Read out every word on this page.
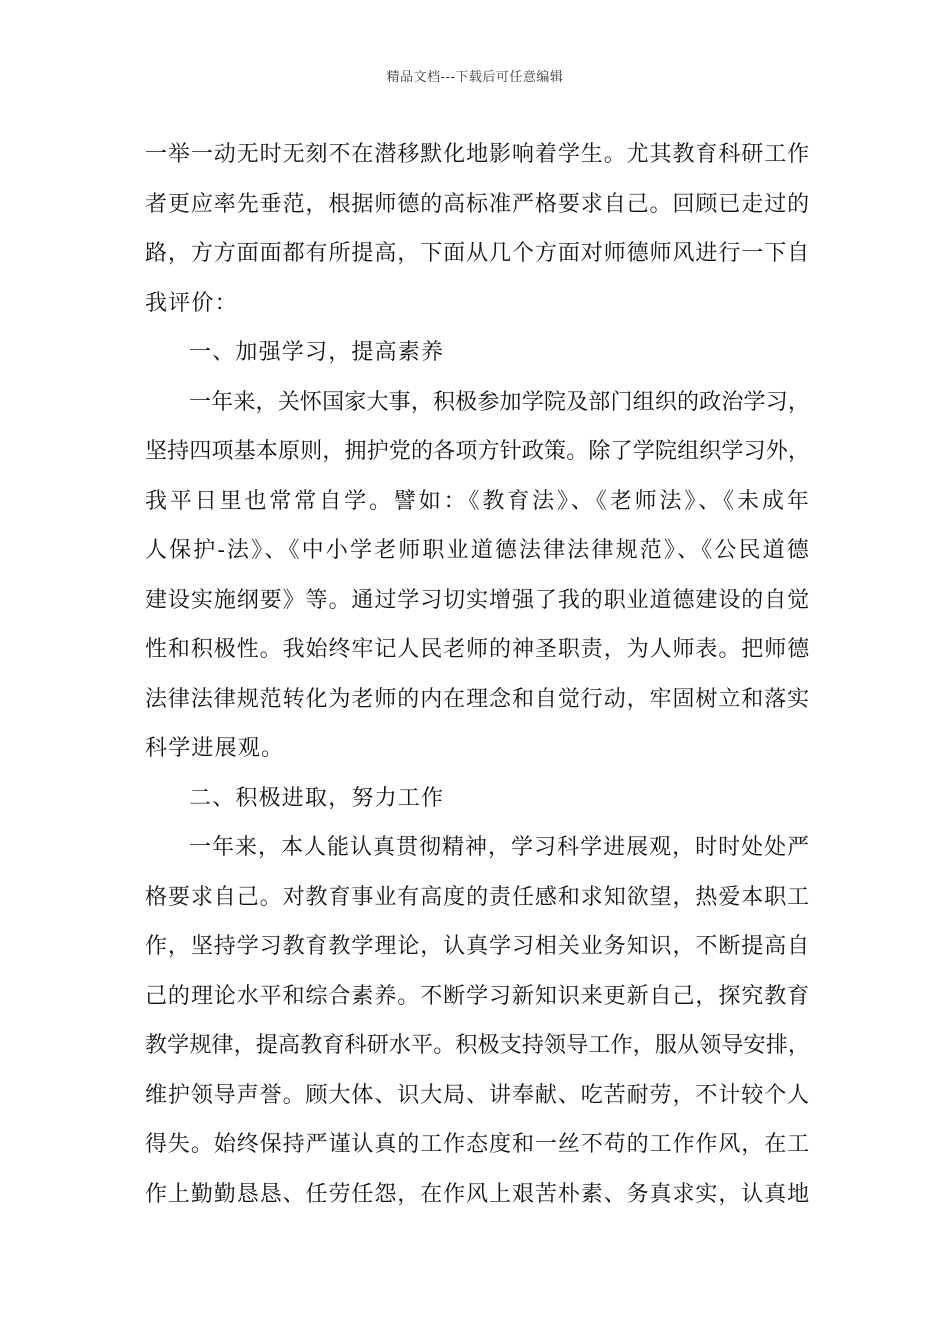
精品文档---下载后可任意编辑
一举一动无时无刻不在潜移默化地影响着学生。尤其教育科研工作
者更应率先垂范，根据师德的高标准严格要求自己。回顾已走过的
路，方方面面都有所提高，下面从几个方面对师德师风进行一下自
我评价：
一、加强学习，提高素养
一年来，关怀国家大事，积极参加学院及部门组织的政治学习，
坚持四项基本原则，拥护党的各项方针政策。除了学院组织学习外，
我平日里也常常自学。譬如：《教育法》、《老师法》、《未成年
人保护-法》、《中小学老师职业道德法律法律规范》、《公民道德
建设实施纲要》等。通过学习切实增强了我的职业道德建设的自觉
性和积极性。我始终牢记人民老师的神圣职责，为人师表。把师德
法律法律规范转化为老师的内在理念和自觉行动，牢固树立和落实
科学进展观。
二、积极进取，努力工作
一年来，本人能认真贯彻精神，学习科学进展观，时时处处严
格要求自己。对教育事业有高度的责任感和求知欲望，热爱本职工
作，坚持学习教育教学理论，认真学习相关业务知识，不断提高自
己的理论水平和综合素养。不断学习新知识来更新自己，探究教育
教学规律，提高教育科研水平。积极支持领导工作，服从领导安排，
维护领导声誉。顾大体、识大局、讲奉献、吃苦耐劳，不计较个人
得失。始终保持严谨认真的工作态度和一丝不苟的工作作风，在工
作上勤勤恳恳、任劳任怨，在作风上艰苦朴素、务真求实，认真地
